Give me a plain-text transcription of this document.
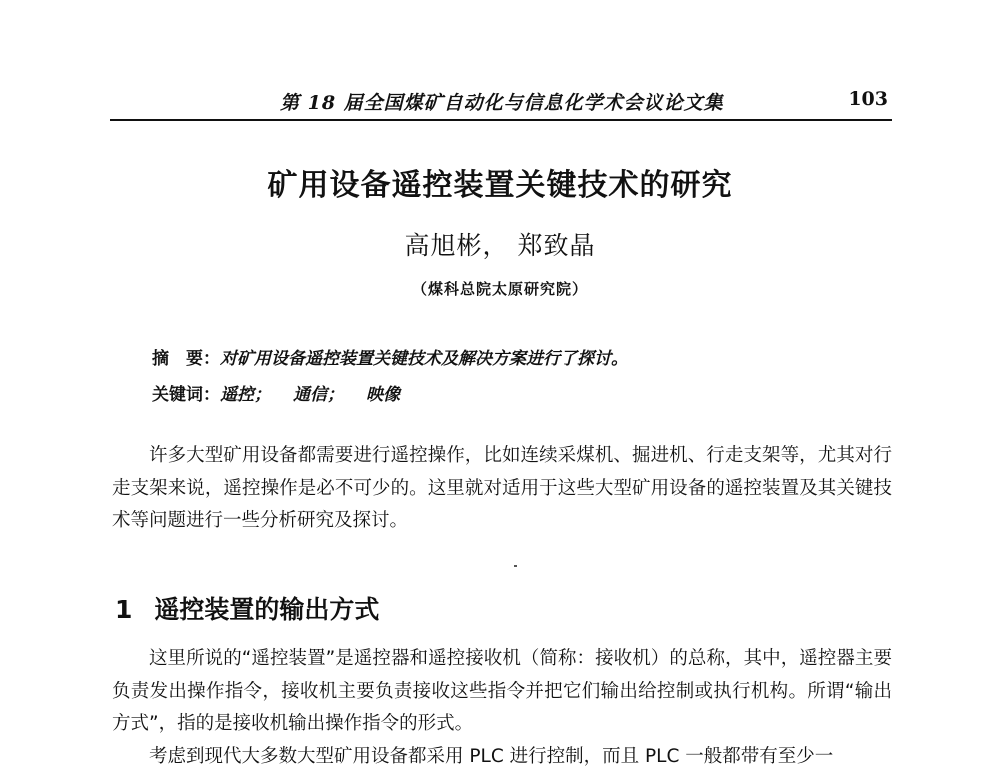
第 18 届全国煤矿自动化与信息化学术会议论文集	103
矿用设备遥控装置关键技术的研究
高旭彬， 郑致晶
（煤科总院太原研究院）
摘　要：对矿用设备遥控装置关键技术及解决方案进行了探讨。
关键词：遥控； 通信； 映像
许多大型矿用设备都需要进行遥控操作，比如连续采煤机、掘进机、行走支架等，尤其对行走支架来说，遥控操作是必不可少的。这里就对适用于这些大型矿用设备的遥控装置及其关键技术等问题进行一些分析研究及探讨。
1 遥控装置的输出方式
这里所说的“遥控装置”是遥控器和遥控接收机（简称：接收机）的总称，其中，遥控器主要负责发出操作指令，接收机主要负责接收这些指令并把它们输出给控制或执行机构。所谓“输出方式”，指的是接收机输出操作指令的形式。
考虑到现代大多数大型矿用设备都采用 PLC 进行控制，而且 PLC 一般都带有至少一
